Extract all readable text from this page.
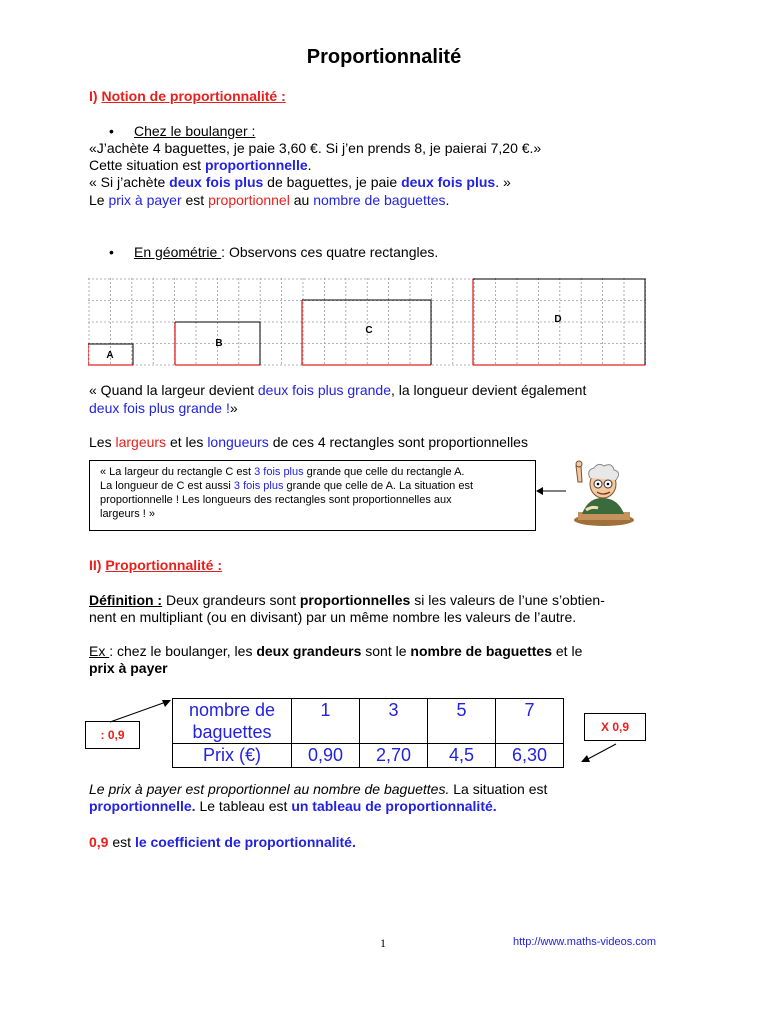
Proportionnalité
I) Notion de proportionnalité :
• Chez le boulanger :
«J’achète 4 baguettes, je paie 3,60 €. Si j’en prends 8, je paierai 7,20 €.»
Cette situation est proportionnelle.
« Si j’achète deux fois plus de baguettes, je paie deux fois plus. »
Le prix à payer est proportionnel au nombre de baguettes.
• En géométrie : Observons ces quatre rectangles.
A
B
C
D
« Quand la largeur devient deux fois plus grande, la longueur devient également
deux fois plus grande !»
Les largeurs et les longueurs de ces 4 rectangles sont proportionnelles

« La largeur du rectangle C est 3 fois plus grande que celle du rectangle A.

La longueur de C est aussi 3 fois plus grande que celle de A. La situation est

proportionnelle ! Les longueurs des rectangles sont proportionnelles aux

largeurs ! »

II) Proportionnalité :
Définition : Deux grandeurs sont proportionnelles si les valeurs de l’une s’obtien-
nent en multipliant (ou en divisant) par un même nombre les valeurs de l’autre.
Ex : chez le boulanger, les deux grandeurs sont le nombre de baguettes et le
prix à payer
nombre de
baguettes	1	3	5	7
Prix (€)	0,90	2,70	4,5	6,30
: 0,9
X 0,9
Le prix à payer est proportionnel au nombre de baguettes. La situation est
proportionnelle. Le tableau est un tableau de proportionnalité.
0,9 est le coefficient de proportionnalité.
1	http://www.maths-videos.com
